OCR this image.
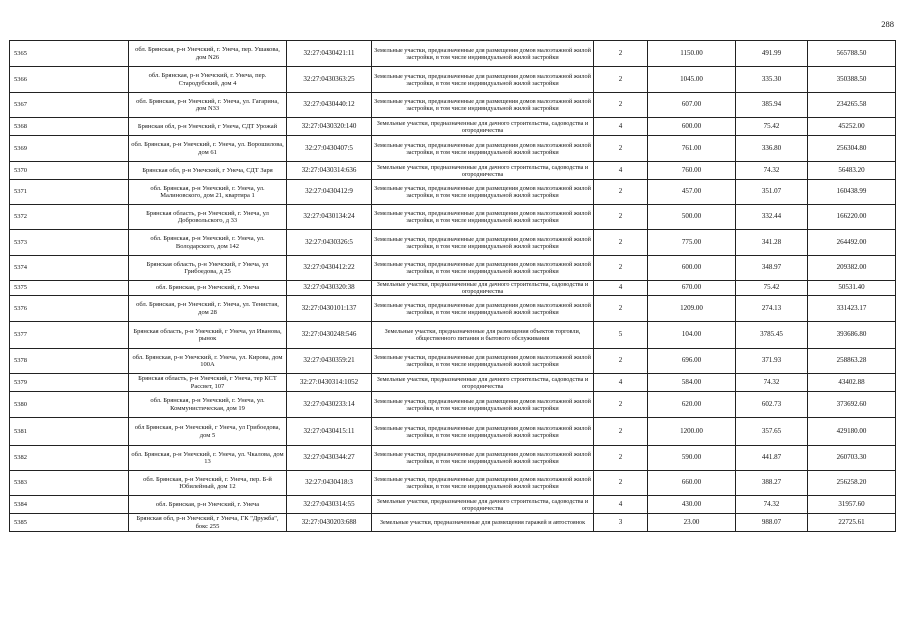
288
5365	обл. Брянская, р-н Унечский, г. Унеча, пер. Ушакова, дом N26	32:27:0430421:11	Земельные участки, предназначенные для размещения домов малоэтажной жилой застройки, в том числе индивидуальной жилой застройки	2	1150.00	491.99	565788.50
5366	обл. Брянская, р-н Унечский, г. Унеча, пер. Стародубский, дом 4	32:27:0430363:25	Земельные участки, предназначенные для размещения домов малоэтажной жилой застройки, в том числе индивидуальной жилой застройки	2	1045.00	335.30	350388.50
5367	обл. Брянская, р-н Унечский, г. Унеча, ул. Гагарина, дом N33	32:27:0430440:12	Земельные участки, предназначенные для размещения домов малоэтажной жилой застройки, в том числе индивидуальной жилой застройки	2	607.00	385.94	234265.58
5368	Брянская обл, р-н Унечский, г Унеча, СДТ Урожай	32:27:0430320:140	Земельные участки, предназначенные для дачного строительства, садоводства и огородничества	4	600.00	75.42	45252.00
5369	обл. Брянская, р-н Унечский, г. Унеча, ул. Ворошилова, дом 61	32:27:0430407:5	Земельные участки, предназначенные для размещения домов малоэтажной жилой застройки, в том числе индивидуальной жилой застройки	2	761.00	336.80	256304.80
5370	Брянская обл, р-н Унечский, г Унеча, СДТ Заря	32:27:0430314:636	Земельные участки, предназначенные для дачного строительства, садоводства и огородничества	4	760.00	74.32	56483.20
5371	обл. Брянская, р-н Унечский, г. Унеча, ул. Малиновского, дом 21, квартира 1	32:27:0430412:9	Земельные участки, предназначенные для размещения домов малоэтажной жилой застройки, в том числе индивидуальной жилой застройки	2	457.00	351.07	160438.99
5372	Брянская область, р-н Унечский, г. Унеча, ул Добровольского, д 33	32:27:0430134:24	Земельные участки, предназначенные для размещения домов малоэтажной жилой застройки, в том числе индивидуальной жилой застройки	2	500.00	332.44	166220.00
5373	обл. Брянская, р-н Унечский, г. Унеча, ул. Володарского, дом 142	32:27:0430326:5	Земельные участки, предназначенные для размещения домов малоэтажной жилой застройки, в том числе индивидуальной жилой застройки	2	775.00	341.28	264492.00
5374	Брянская область, р-н Унечский, г Унеча, ул Грибоедова, д 25	32:27:0430412:22	Земельные участки, предназначенные для размещения домов малоэтажной жилой застройки, в том числе индивидуальной жилой застройки	2	600.00	348.97	209382.00
5375	обл. Брянская, р-н Унечский, г. Унеча	32:27:0430320:38	Земельные участки, предназначенные для дачного строительства, садоводства и огородничества	4	670.00	75.42	50531.40
5376	обл. Брянская, р-н Унечский, г. Унеча, ул. Тенистая, дом 28	32:27:0430101:137	Земельные участки, предназначенные для размещения домов малоэтажной жилой застройки, в том числе индивидуальной жилой застройки	2	1209.00	274.13	331423.17
5377	Брянская область, р-н Унечский, г Унеча, ул Иванова, рынок	32:27:0430248:546	Земельные участки, предназначенные для размещения объектов торговли, общественного питания и бытового обслуживания	5	104.00	3785.45	393686.80
5378	обл. Брянская, р-н Унечский, г. Унеча, ул. Кирова, дом 100А	32:27:0430359:21	Земельные участки, предназначенные для размещения домов малоэтажной жилой застройки, в том числе индивидуальной жилой застройки	2	696.00	371.93	258863.28
5379	Брянская область, р-н Унечский, г Унеча, тер КСТ Рассвет, 107	32:27:0430314:1052	Земельные участки, предназначенные для дачного строительства, садоводства и огородничества	4	584.00	74.32	43402.88
5380	обл. Брянская, р-н Унечский, г. Унеча, ул. Коммунистическая, дом 19	32:27:0430233:14	Земельные участки, предназначенные для размещения домов малоэтажной жилой застройки, в том числе индивидуальной жилой застройки	2	620.00	602.73	373692.60
5381	обл Брянская, р-н Унечский, г Унеча, ул Грибоедова, дом 5	32:27:0430415:11	Земельные участки, предназначенные для размещения домов малоэтажной жилой застройки, в том числе индивидуальной жилой застройки	2	1200.00	357.65	429180.00
5382	обл. Брянская, р-н Унечский, г. Унеча, ул. Чкалова, дом 13	32:27:0430344:27	Земельные участки, предназначенные для размещения домов малоэтажной жилой застройки, в том числе индивидуальной жилой застройки	2	590.00	441.87	260703.30
5383	обл. Брянская, р-н Унечский, г. Унеча, пер. Б-й Юбилейный, дом 12	32:27:0430418:3	Земельные участки, предназначенные для размещения домов малоэтажной жилой застройки, в том числе индивидуальной жилой застройки	2	660.00	388.27	256258.20
5384	обл. Брянская, р-н Унечский, г. Унеча	32:27:0430314:55	Земельные участки, предназначенные для дачного строительства, садоводства и огородничества	4	430.00	74.32	31957.60
5385	Брянская обл, р-н Унечский, г Унеча, ГК "Дружба", бокс 255	32:27:0430203:688	Земельные участки, предназначенные для размещения гаражей и автостоянок	3	23.00	988.07	22725.61
